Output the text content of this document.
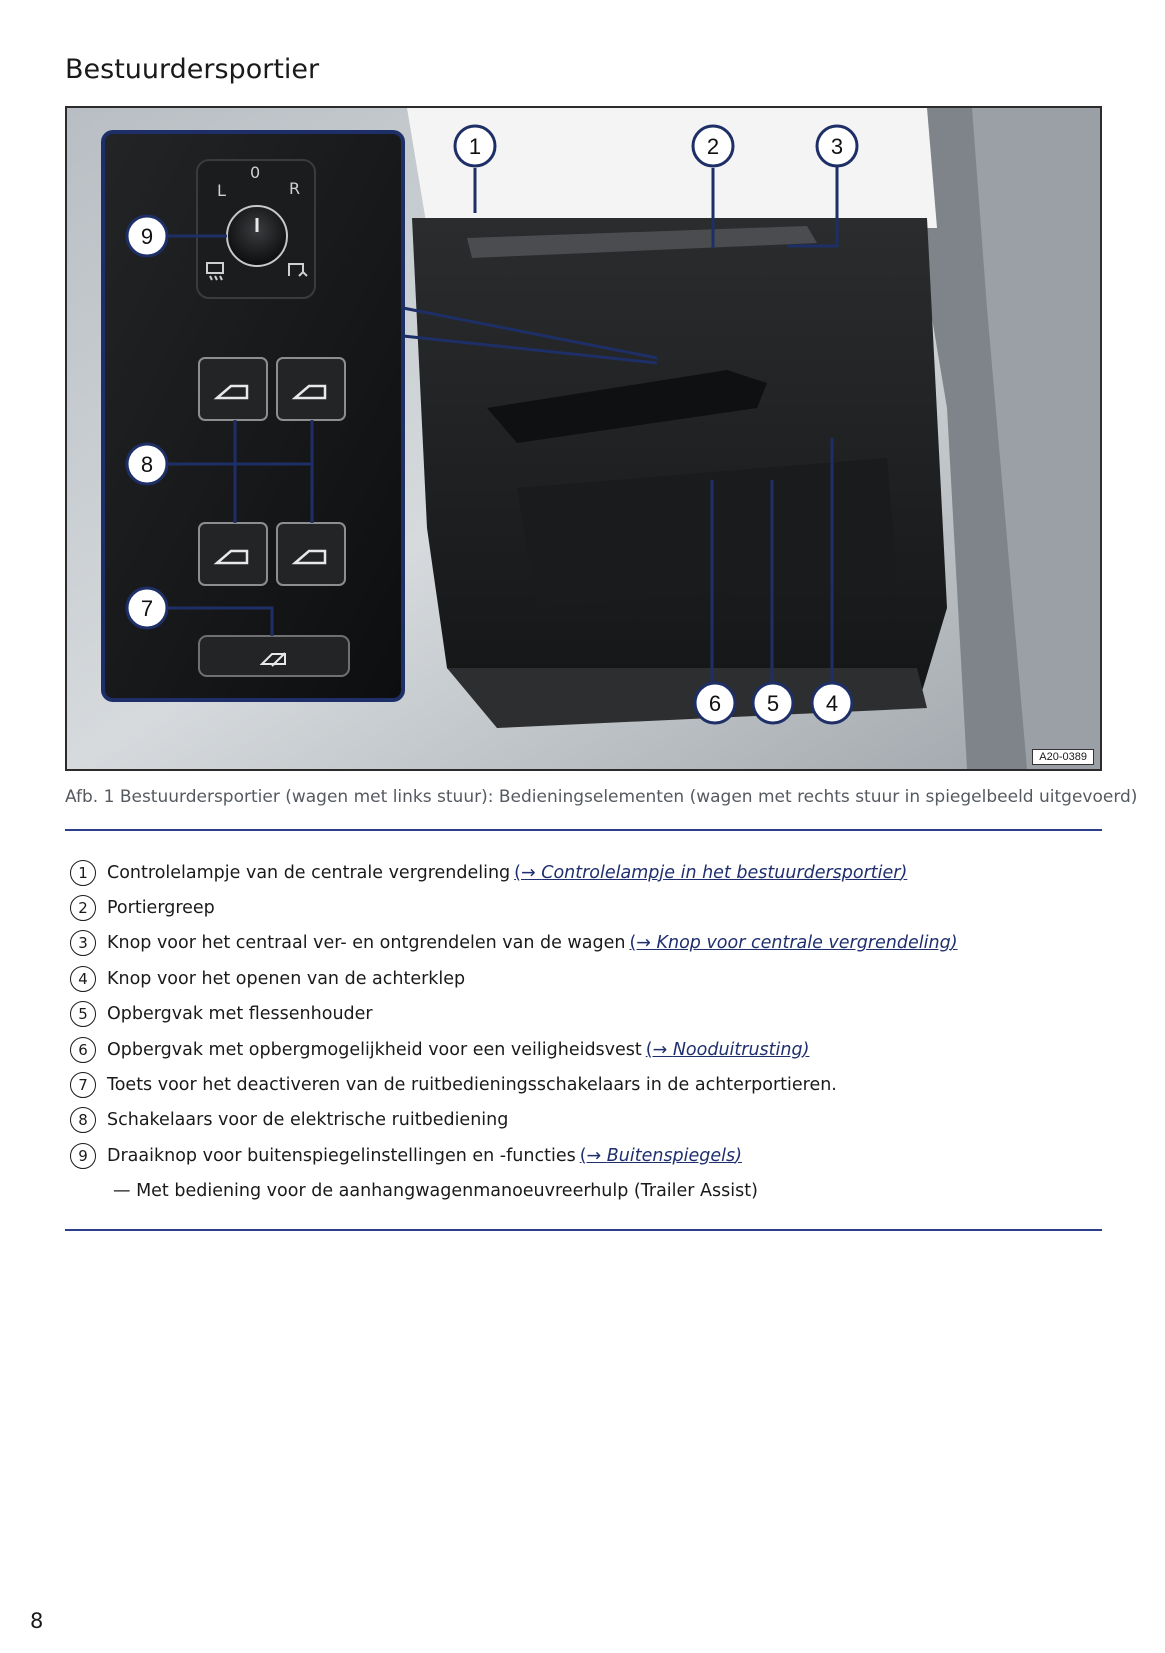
Bestuurdersportier
L
0
R
9
8
7
1	2	3
6 5 4
A20-0389
Afb. 1 Bestuurdersportier (wagen met links stuur): Bedieningselementen (wagen met rechts stuur in spiegelbeeld uitgevoerd)
1	Controlelampje van de centrale vergrendeling (→ Controlelampje in het bestuurdersportier)
2	Portiergreep
3	Knop voor het centraal ver- en ontgrendelen van de wagen (→ Knop voor centrale vergrendeling)
4	Knop voor het openen van de achterklep
5	Opbergvak met flessenhouder
6	Opbergvak met opbergmogelijkheid voor een veiligheidsvest (→ Nooduitrusting)
7	Toets voor het deactiveren van de ruitbedieningsschakelaars in de achterportieren.
8	Schakelaars voor de elektrische ruitbediening
9	Draaiknop voor buitenspiegelinstellingen en -functies (→ Buitenspiegels)
— Met bediening voor de aanhangwagenmanoeuvreerhulp (Trailer Assist)
8
